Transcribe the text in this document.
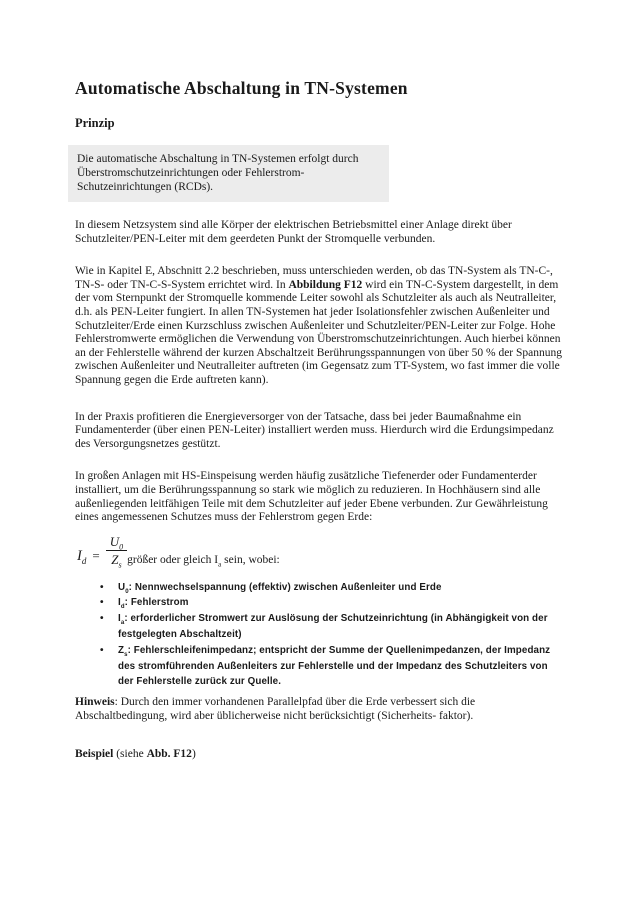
Automatische Abschaltung in TN-Systemen
Prinzip
Die automatische Abschaltung in TN-Systemen erfolgt durch Überstromschutzeinrichtungen oder Fehlerstrom-Schutzeinrichtungen (RCDs).

In diesem Netzsystem sind alle Körper der elektrischen Betriebsmittel einer Anlage direkt über Schutzleiter/PEN-Leiter mit dem geerdeten Punkt der Stromquelle verbunden.

Wie in Kapitel E, Abschnitt 2.2 beschrieben, muss unterschieden werden, ob das TN-System als TN-C-, TN-S- oder TN-C-S-System errichtet wird. In Abbildung F12 wird ein TN-C-System dargestellt, in dem der vom Sternpunkt der Stromquelle kommende Leiter sowohl als Schutzleiter als auch als Neutralleiter, d.h. als PEN-Leiter fungiert. In allen TN-Systemen hat jeder Isolationsfehler zwischen Außenleiter und Schutzleiter/Erde einen Kurzschluss zwischen Außenleiter und Schutzleiter/PEN-Leiter zur Folge. Hohe Fehlerstromwerte ermöglichen die Verwendung von Überstromschutzeinrichtungen. Auch hierbei können an der Fehlerstelle während der kurzen Abschaltzeit Berührungsspannungen von über 50 % der Spannung zwischen Außenleiter und Neutralleiter auftreten (im Gegensatz zum TT-System, wo fast immer die volle Spannung gegen die Erde auftreten kann).

In der Praxis profitieren die Energieversorger von der Tatsache, dass bei jeder Baumaßnahme ein Fundamenterder (über einen PEN-Leiter) installiert werden muss. Hierdurch wird die Erdungsimpedanz des Versorgungsnetzes gestützt.

In großen Anlagen mit HS-Einspeisung werden häufig zusätzliche Tiefenerder oder Fundamenterder installiert, um die Berührungsspannung so stark wie möglich zu reduzieren. In Hochhäusern sind alle außenliegenden leitfähigen Teile mit dem Schutzleiter auf jeder Ebene verbunden. Zur Gewährleistung eines angemessenen Schutzes muss der Fehlerstrom gegen Erde:

$I_d = \frac{U_0}{Z_s}$ größer oder gleich $I_a$ sein, wobei:
•	$U_0$: Nennwechselspannung (effektiv) zwischen Außenleiter und Erde
•	$I_d$: Fehlerstrom
•	$I_a$: erforderlicher Stromwert zur Auslösung der Schutzeinrichtung (in Abhängigkeit von der festgelegten Abschaltzeit)
•	$Z_s$: Fehlerschleifenimpedanz; entspricht der Summe der Quellenimpedanzen, der Impedanz des stromführenden Außenleiters zur Fehlerstelle und der Impedanz des Schutzleiters von der Fehlerstelle zurück zur Quelle.

Hinweis: Durch den immer vorhandenen Parallelpfad über die Erde verbessert sich die Abschaltbedingung, wird aber üblicherweise nicht berücksichtigt (Sicherheits- faktor).

Beispiel (siehe Abb. F12)
